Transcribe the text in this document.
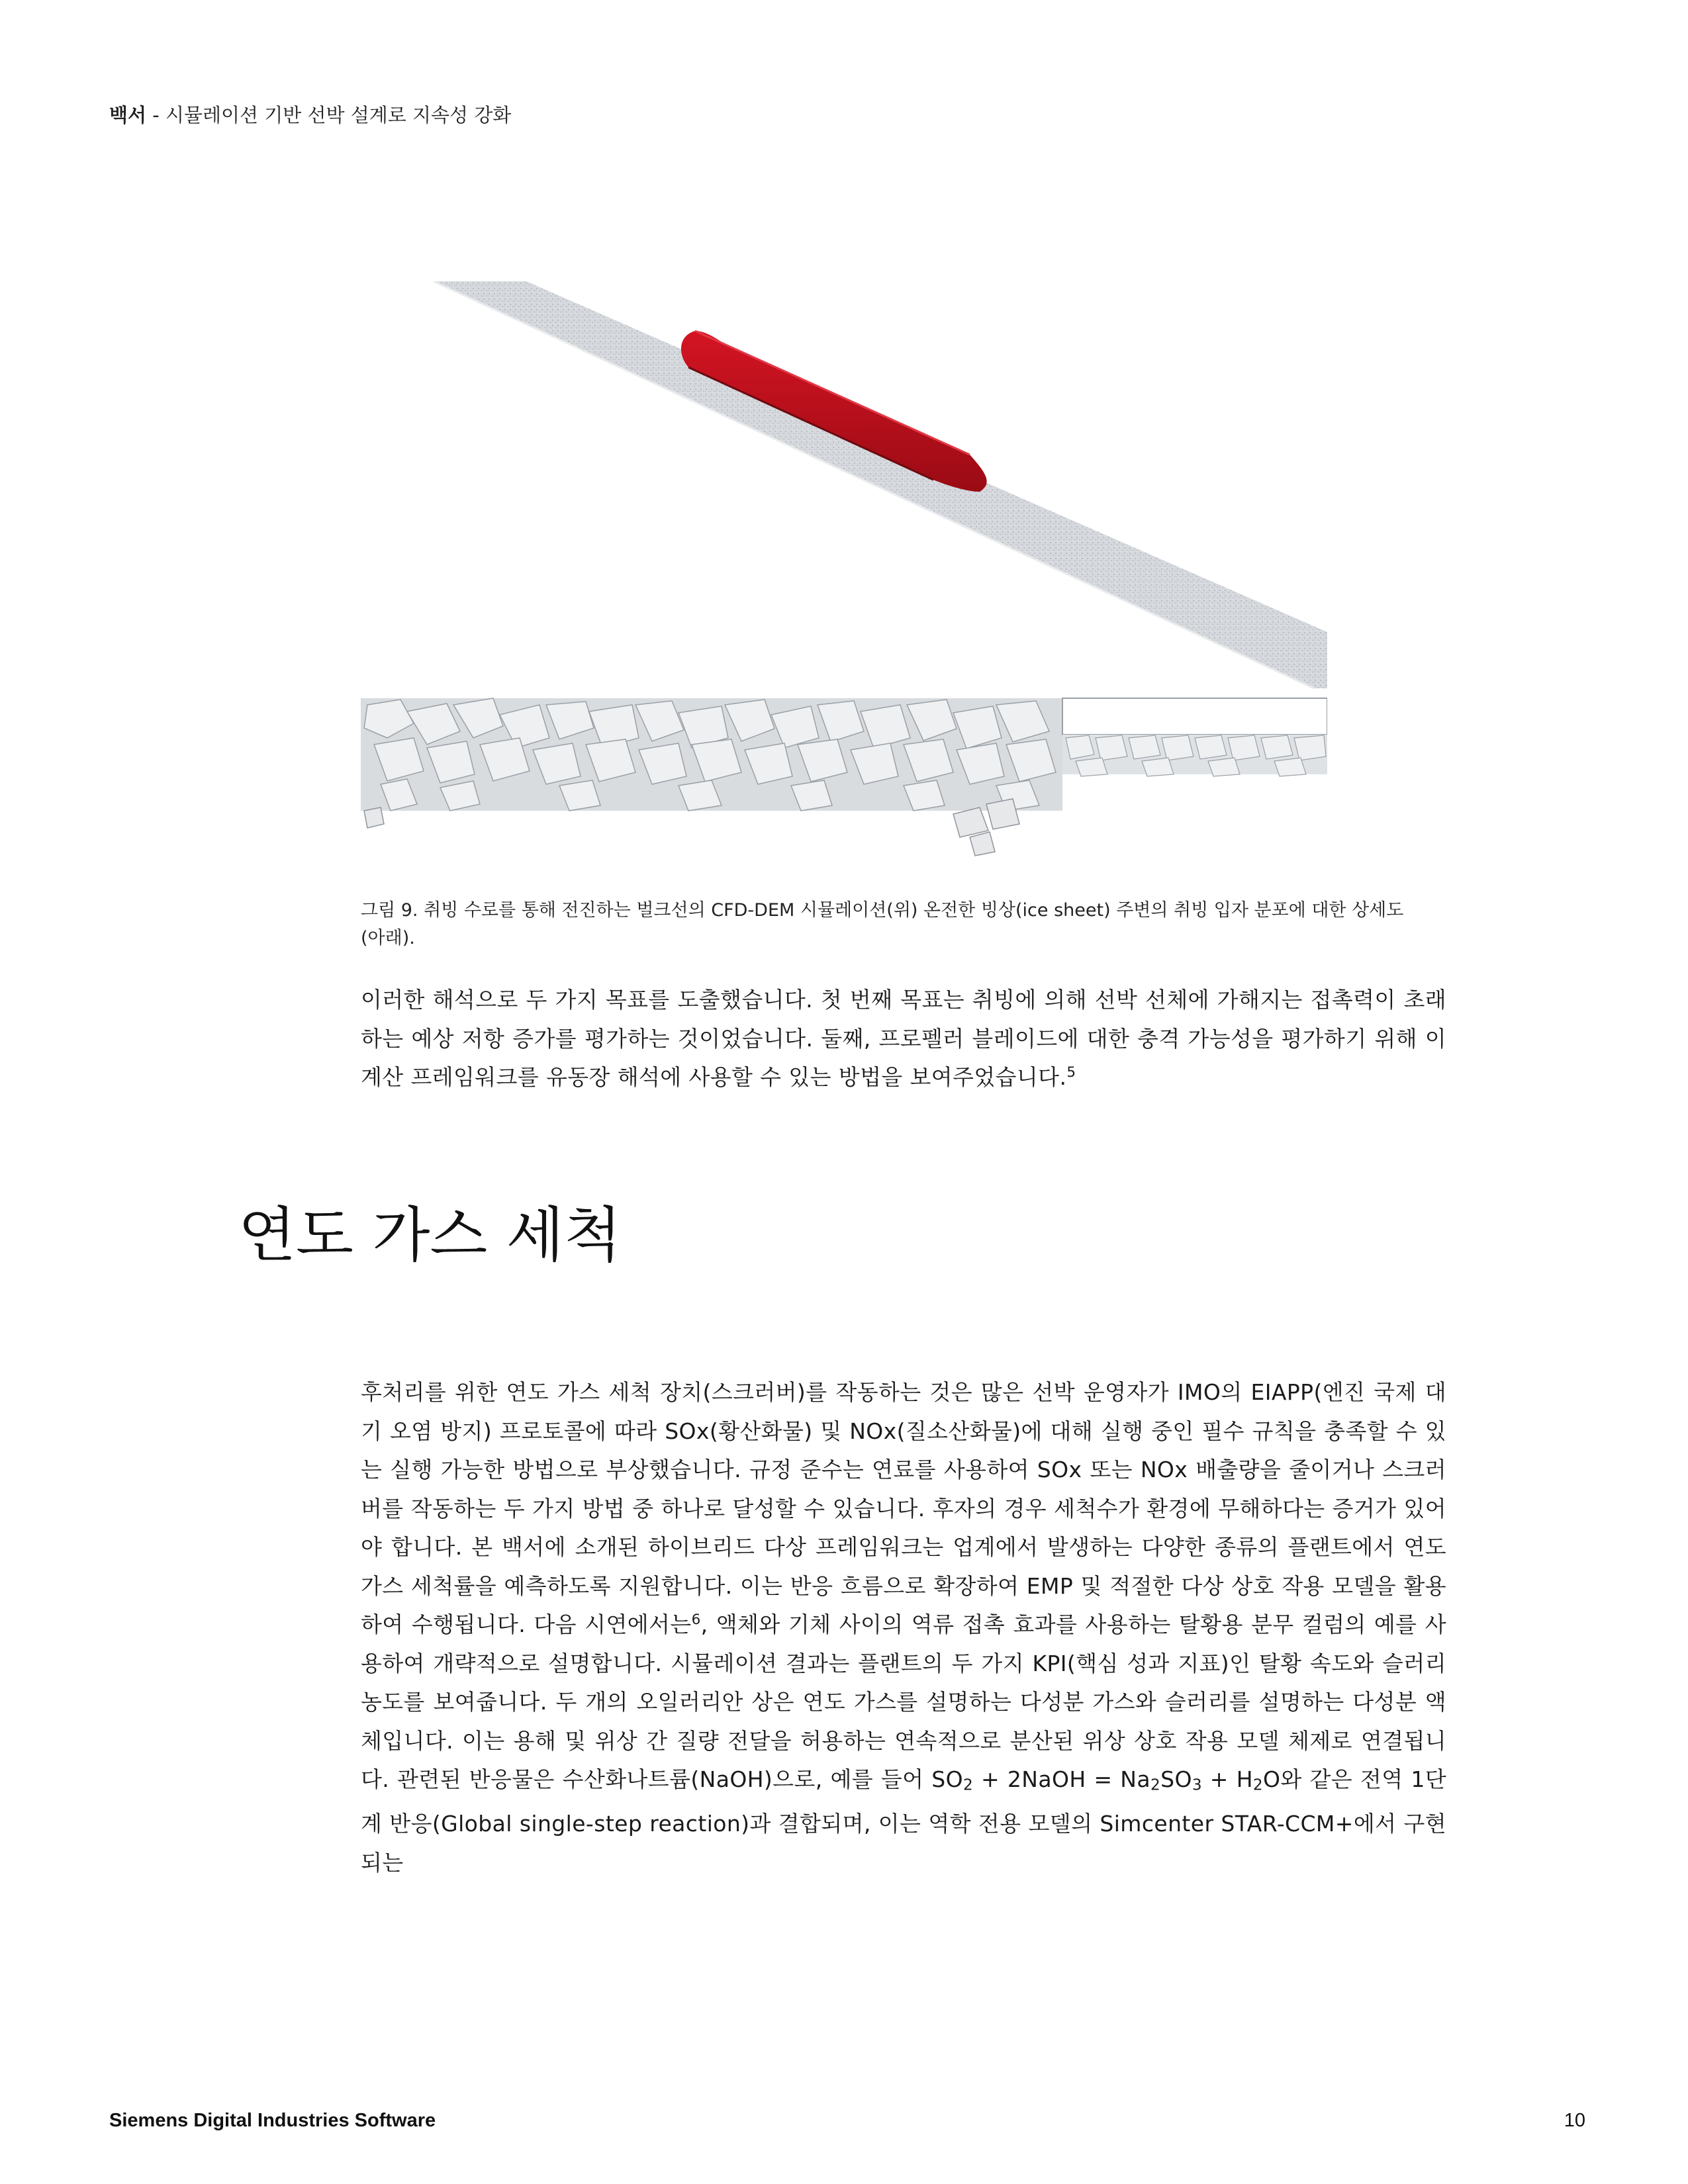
백서 - 시뮬레이션 기반 선박 설계로 지속성 강화
그림 9. 취빙 수로를 통해 전진하는 벌크선의 CFD-DEM 시뮬레이션(위) 온전한 빙상(ice sheet) 주변의 취빙 입자 분포에 대한 상세도(아래).

이러한 해석으로 두 가지 목표를 도출했습니다. 첫 번째 목표는 취빙에 의해 선박 선체에 가해지는 접촉력이 초래하는 예상 저항 증가를 평가하는 것이었습니다. 둘째, 프로펠러 블레이드에 대한 충격 가능성을 평가하기 위해 이 계산 프레임워크를 유동장 해석에 사용할 수 있는 방법을 보여주었습니다.$^5$

연도 가스 세척

후처리를 위한 연도 가스 세척 장치(스크러버)를 작동하는 것은 많은 선박 운영자가 IMO의 EIAPP(엔진 국제 대기 오염 방지) 프로토콜에 따라 SOx(황산화물) 및 NOx(질소산화물)에 대해 실행 중인 필수 규칙을 충족할 수 있는 실행 가능한 방법으로 부상했습니다. 규정 준수는 연료를 사용하여 SOx 또는 NOx 배출량을 줄이거나 스크러버를 작동하는 두 가지 방법 중 하나로 달성할 수 있습니다. 후자의 경우 세척수가 환경에 무해하다는 증거가 있어야 합니다. 본 백서에 소개된 하이브리드 다상 프레임워크는 업계에서 발생하는 다양한 종류의 플랜트에서 연도 가스 세척률을 예측하도록 지원합니다. 이는 반응 흐름으로 확장하여 EMP 및 적절한 다상 상호 작용 모델을 활용하여 수행됩니다. 다음 시연에서는$^6$, 액체와 기체 사이의 역류 접촉 효과를 사용하는 탈황용 분무 컬럼의 예를 사용하여 개략적으로 설명합니다. 시뮬레이션 결과는 플랜트의 두 가지 KPI(핵심 성과 지표)인 탈황 속도와 슬러리 농도를 보여줍니다. 두 개의 오일러리안 상은 연도 가스를 설명하는 다성분 가스와 슬러리를 설명하는 다성분 액체입니다. 이는 용해 및 위상 간 질량 전달을 허용하는 연속적으로 분산된 위상 상호 작용 모델 체제로 연결됩니다. 관련된 반응물은 수산화나트륨(NaOH)으로, 예를 들어 $SO_2$ + 2NaOH = $Na_2SO_3 + H_2O$와 같은 전역 1단계 반응(Global single-step reaction)과 결합되며, 이는 역학 전용 모델의 Simcenter STAR-CCM+에서 구현되는

Siemens Digital Industries Software	10
